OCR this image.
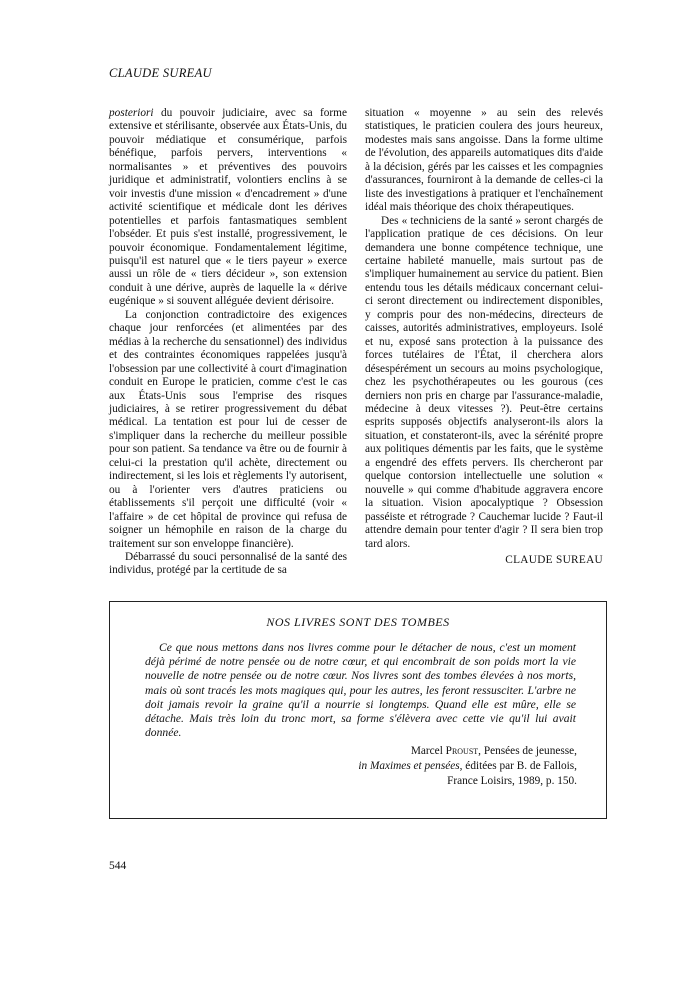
CLAUDE SUREAU

posteriori du pouvoir judiciaire, avec sa forme extensive et stérilisante, observée aux États-Unis, du pouvoir médiatique et consumérique, parfois bénéfique, parfois pervers, interventions « normalisantes » et préventives des pouvoirs juridique et administratif, volontiers enclins à se voir investis d'une mission « d'encadrement » d'une activité scientifique et médicale dont les dérives potentielles et parfois fantasmatiques semblent l'obséder. Et puis s'est installé, progressivement, le pouvoir économique. Fondamentalement légitime, puisqu'il est naturel que « le tiers payeur » exerce aussi un rôle de « tiers décideur », son extension conduit à une dérive, auprès de laquelle la « dérive eugénique » si souvent alléguée devient dérisoire.

La conjonction contradictoire des exigences chaque jour renforcées (et alimentées par des médias à la recherche du sensationnel) des individus et des contraintes économiques rappelées jusqu'à l'obsession par une collectivité à court d'imagination conduit en Europe le praticien, comme c'est le cas aux États-Unis sous l'emprise des risques judiciaires, à se retirer progressivement du débat médical. La tentation est pour lui de cesser de s'impliquer dans la recherche du meilleur possible pour son patient. Sa tendance va être ou de fournir à celui-ci la prestation qu'il achète, directement ou indirectement, si les lois et règlements l'y autorisent, ou à l'orienter vers d'autres praticiens ou établissements s'il perçoit une difficulté (voir « l'affaire » de cet hôpital de province qui refusa de soigner un hémophile en raison de la charge du traitement sur son enveloppe financière).

Débarrassé du souci personnalisé de la santé des individus, protégé par la certitude de sa

situation « moyenne » au sein des relevés statistiques, le praticien coulera des jours heureux, modestes mais sans angoisse. Dans la forme ultime de l'évolution, des appareils automatiques dits d'aide à la décision, gérés par les caisses et les compagnies d'assurances, fourniront à la demande de celles-ci la liste des investigations à pratiquer et l'enchaînement idéal mais théorique des choix thérapeutiques.

Des « techniciens de la santé » seront chargés de l'application pratique de ces décisions. On leur demandera une bonne compétence technique, une certaine habileté manuelle, mais surtout pas de s'impliquer humainement au service du patient. Bien entendu tous les détails médicaux concernant celui-ci seront directement ou indirectement disponibles, y compris pour des non-médecins, directeurs de caisses, autorités administratives, employeurs. Isolé et nu, exposé sans protection à la puissance des forces tutélaires de l'État, il cherchera alors désespérément un secours au moins psychologique, chez les psychothérapeutes ou les gourous (ces derniers non pris en charge par l'assurance-maladie, médecine à deux vitesses ?). Peut-être certains esprits supposés objectifs analyseront-ils alors la situation, et constateront-ils, avec la sérénité propre aux politiques démentis par les faits, que le système a engendré des effets pervers. Ils chercheront par quelque contorsion intellectuelle une solution « nouvelle » qui comme d'habitude aggravera encore la situation. Vision apocalyptique ? Obsession passéiste et rétrograde ? Cauchemar lucide ? Faut-il attendre demain pour tenter d'agir ? Il sera bien trop tard alors.

CLAUDE SUREAU
NOS LIVRES SONT DES TOMBES
Ce que nous mettons dans nos livres comme pour le détacher de nous, c'est un moment déjà périmé de notre pensée ou de notre cœur, et qui encombrait de son poids mort la vie nouvelle de notre pensée ou de notre cœur. Nos livres sont des tombes élevées à nos morts, mais où sont tracés les mots magiques qui, pour les autres, les feront ressusciter. L'arbre ne doit jamais revoir la graine qu'il a nourrie si longtemps. Quand elle est mûre, elle se détache. Mais très loin du tronc mort, sa forme s'élèvera avec cette vie qu'il lui avait donnée.
Marcel Proust, Pensées de jeunesse,
in Maximes et pensées, éditées par B. de Fallois,
France Loisirs, 1989, p. 150.
544
